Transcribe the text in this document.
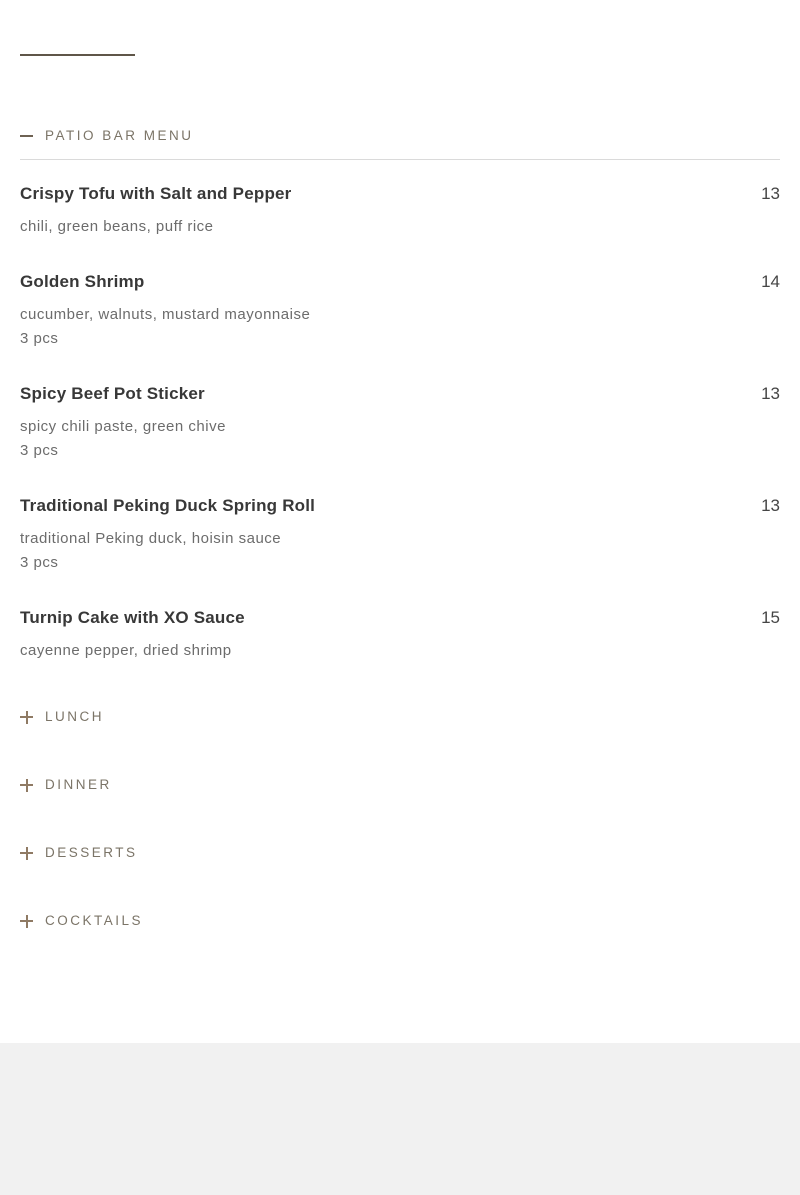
PATIO BAR MENU
Crispy Tofu with Salt and Pepper	13
chili, green beans, puff rice
Golden Shrimp	14
cucumber, walnuts, mustard mayonnaise
3 pcs
Spicy Beef Pot Sticker	13
spicy chili paste, green chive
3 pcs
Traditional Peking Duck Spring Roll	13
traditional Peking duck, hoisin sauce
3 pcs
Turnip Cake with XO Sauce	15
cayenne pepper, dried shrimp
LUNCH
DINNER
DESSERTS
COCKTAILS
